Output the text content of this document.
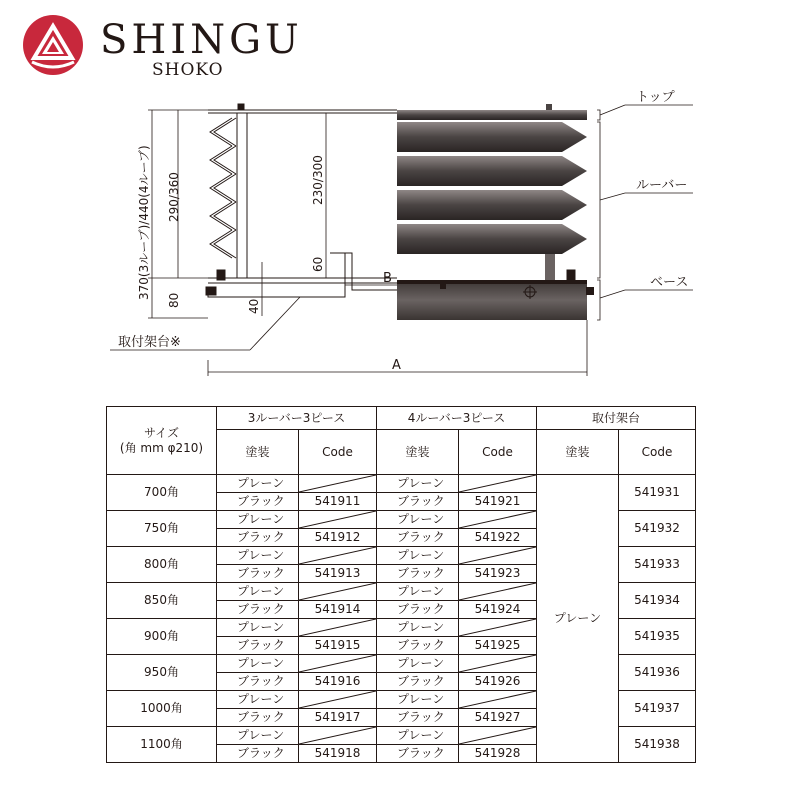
SHINGU
SHOKO
トップ
ルーバー
ベース
取付架台※
A
B
370(3ルーブ)/440(4ルーブ) 290/360	230/300
80
60
40
サイズ
(角 mm φ210)	3ルーバー3ピース		4ルーバー3ピース		取付架台	
	塗装	Code	塗装	Code	塗装	Code
700角	プレーン		プレーン		プレーン	541931
	ブラック	541911	ブラック	541921		
750角	プレーン		プレーン			541932
	ブラック	541912	ブラック	541922		
800角	プレーン		プレーン			541933
	ブラック	541913	ブラック	541923		
850角	プレーン		プレーン			541934
	ブラック	541914	ブラック	541924		
900角	プレーン		プレーン			541935
	ブラック	541915	ブラック	541925		
950角	プレーン		プレーン			541936
	ブラック	541916	ブラック	541926		
1000角	プレーン		プレーン			541937
	ブラック	541917	ブラック	541927		
1100角	プレーン		プレーン			541938
	ブラック	541918	ブラック	541928		
